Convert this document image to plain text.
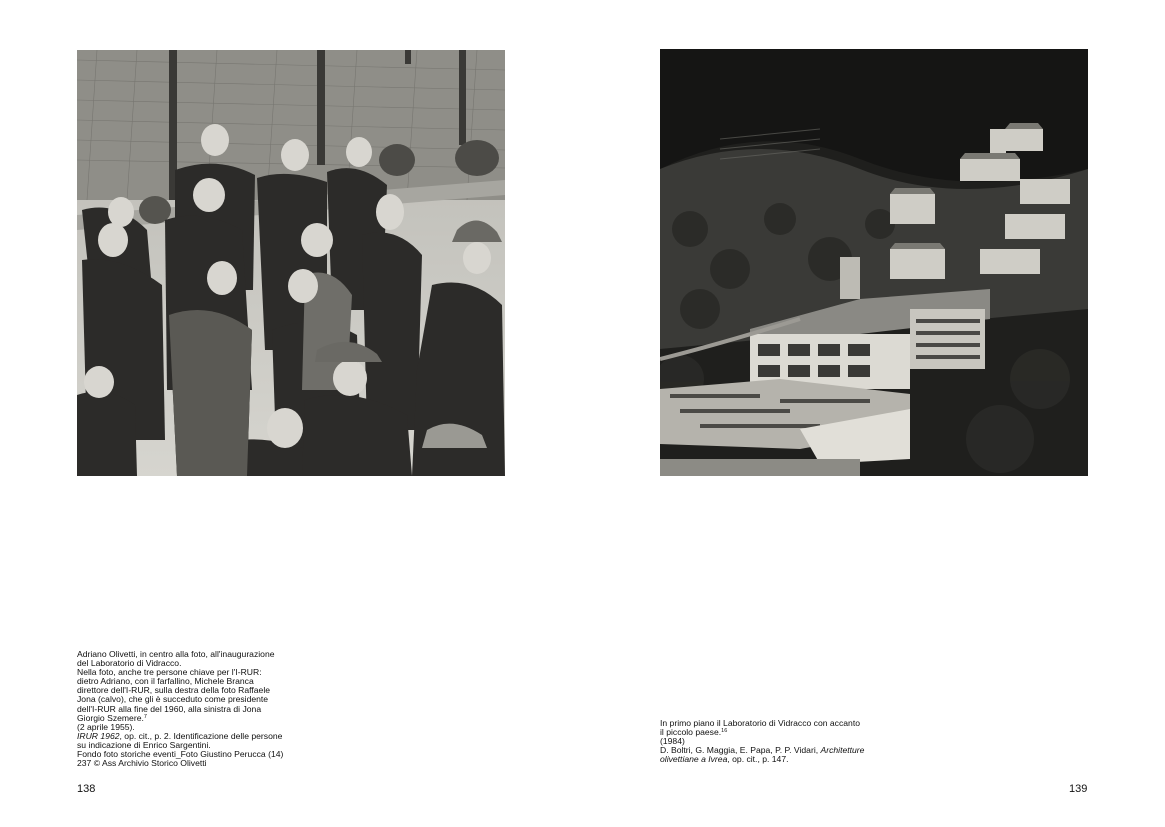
Adriano Olivetti, in centro alla foto, all'inaugurazione

del Laboratorio di Vidracco.

Nella foto, anche tre persone chiave per l'I-RUR:

dietro Adriano, con il farfallino, Michele Branca

direttore dell'I-RUR, sulla destra della foto Raffaele

Jona (calvo), che gli è succeduto come presidente

dell'I-RUR alla fine del 1960, alla sinistra di Jona

Giorgio Szemere.$^7$

(2 aprile 1955).

IRUR 1962, op. cit., p. 2. Identificazione delle persone

su indicazione di Enrico Sargentini.

Fondo foto storiche eventi_Foto Giustino Perucca (14)

237 © Ass Archivio Storico Olivetti

In primo piano il Laboratorio di Vidracco con accanto

il piccolo paese.$^{16}$

(1984)

D. Boltri, G. Maggia, E. Papa, P. P. Vidari, Architetture

olivettiane a Ivrea, op. cit., p. 147.

138	139
